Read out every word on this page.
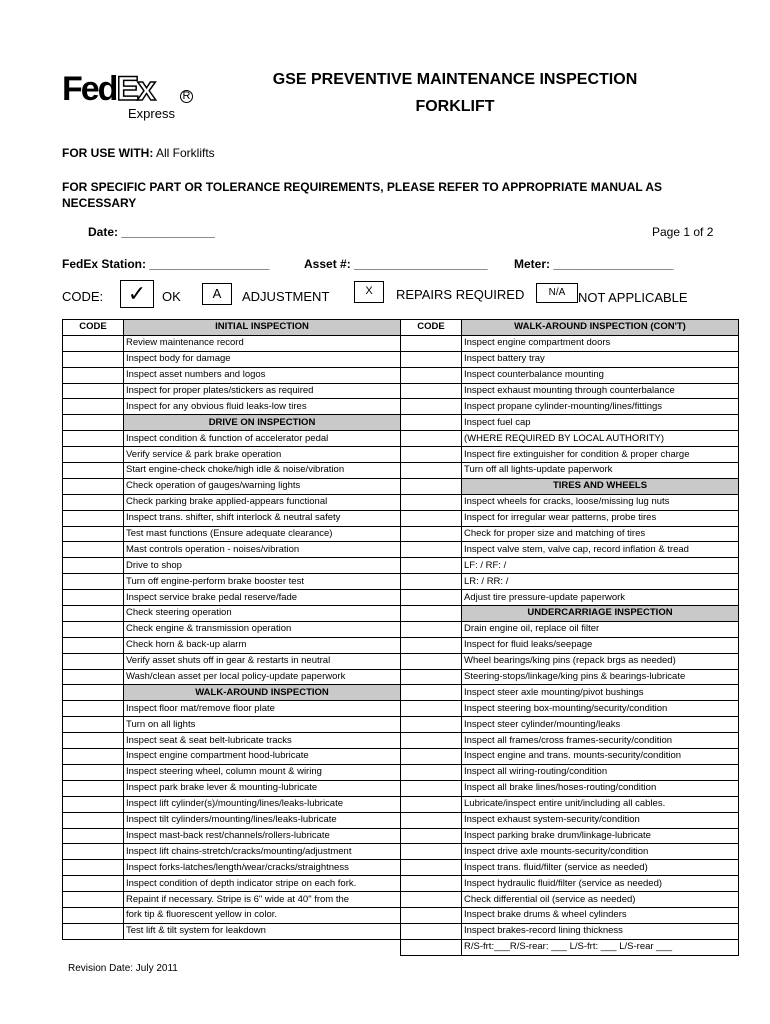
FedEx	R
Express
GSE PREVENTIVE MAINTENANCE INSPECTION
FORKLIFT
FOR USE WITH: All Forklifts
FOR SPECIFIC PART OR TOLERANCE REQUIREMENTS, PLEASE REFER TO APPROPRIATE MANUAL AS NECESSARY
Date: ______________	Page 1 of 2
FedEx Station: __________________	Asset #: ____________________ Meter: __________________
CODE:	✓	OK	A	ADJUSTMENT	X	REPAIRS REQUIRED	N/A NOT APPLICABLE
CODE	INITIAL INSPECTION	CODE	WALK-AROUND INSPECTION (CON'T)
	Review maintenance record		Inspect engine compartment doors
	Inspect body for damage		Inspect battery tray
	Inspect asset numbers and logos		Inspect counterbalance mounting
	Inspect for proper plates/stickers as required		Inspect exhaust mounting through counterbalance
	Inspect for any obvious fluid leaks-low tires		Inspect propane cylinder-mounting/lines/fittings
	DRIVE ON INSPECTION		Inspect fuel cap
	Inspect condition & function of accelerator pedal		(WHERE REQUIRED BY LOCAL AUTHORITY)
	Verify service & park brake operation		Inspect fire extinguisher for condition & proper charge
	Start engine-check choke/high idle & noise/vibration		Turn off all lights-update paperwork
	Check operation of gauges/warning lights		TIRES AND WHEELS
	Check parking brake applied-appears functional		Inspect wheels for cracks, loose/missing lug nuts
	Inspect trans. shifter, shift interlock & neutral safety		Inspect for irregular wear patterns, probe tires
	Test mast functions (Ensure adequate clearance)		Check for proper size and matching of tires
	Mast controls operation - noises/vibration		Inspect valve stem, valve cap, record inflation & tread
	Drive to shop		LF: / RF: /
	Turn off engine-perform brake booster test		LR: / RR: /
	Inspect service brake pedal reserve/fade		Adjust tire pressure-update paperwork
	Check steering operation		UNDERCARRIAGE INSPECTION
	Check engine & transmission operation		Drain engine oil, replace oil filter
	Check horn & back-up alarm		Inspect for fluid leaks/seepage
	Verify asset shuts off in gear & restarts in neutral		Wheel bearings/king pins (repack brgs as needed)
	Wash/clean asset per local policy-update paperwork		Steering-stops/linkage/king pins & bearings-lubricate
	WALK-AROUND INSPECTION		Inspect steer axle mounting/pivot bushings
	Inspect floor mat/remove floor plate		Inspect steering box-mounting/security/condition
	Turn on all lights		Inspect steer cylinder/mounting/leaks
	Inspect seat & seat belt-lubricate tracks		Inspect all frames/cross frames-security/condition
	Inspect engine compartment hood-lubricate		Inspect engine and trans. mounts-security/condition
	Inspect steering wheel, column mount & wiring		Inspect all wiring-routing/condition
	Inspect park brake lever & mounting-lubricate		Inspect all brake lines/hoses-routing/condition
	Inspect lift cylinder(s)/mounting/lines/leaks-lubricate		Lubricate/inspect entire unit/including all cables.
	Inspect tilt cylinders/mounting/lines/leaks-lubricate		Inspect exhaust system-security/condition
	Inspect mast-back rest/channels/rollers-lubricate		Inspect parking brake drum/linkage-lubricate
	Inspect lift chains-stretch/cracks/mounting/adjustment		Inspect drive axle mounts-security/condition
	Inspect forks-latches/length/wear/cracks/straightness		Inspect trans. fluid/filter (service as needed)
	Inspect condition of depth indicator stripe on each fork.		Inspect hydraulic fluid/filter (service as needed)
	Repaint if necessary. Stripe is 6" wide at 40" from the		Check differential oil (service as needed)
	fork tip & fluorescent yellow in color.		Inspect brake drums & wheel cylinders
	Test lift & tilt system for leakdown		Inspect brakes-record lining thickness
			R/S-frt:___R/S-rear: ___ L/S-frt: ___ L/S-rear ___
Revision Date: July 2011
